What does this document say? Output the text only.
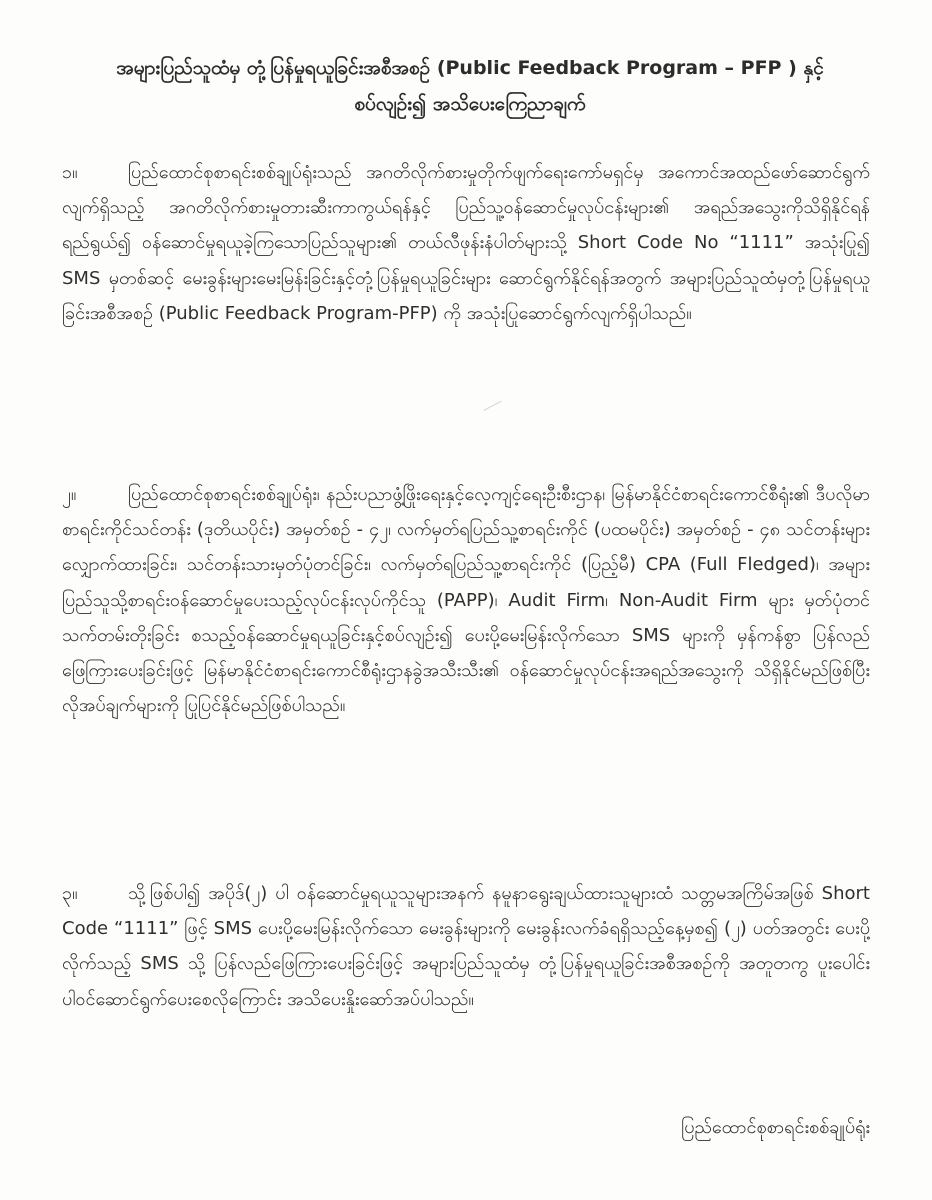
အများပြည်သူထံမှ တုံ့ပြန်မှုရယူခြင်းအစီအစဉ် (Public Feedback Program – PFP ) နှင့်
စပ်လျဉ်း၍ အသိပေးကြေညာချက်
၁။	ပြည်ထောင်စုစာရင်းစစ်ချုပ်ရုံးသည် အဂတိလိုက်စားမှုတိုက်ဖျက်ရေးကော်မရှင်မှ အကောင်အထည်ဖော်ဆောင်ရွက်လျက်ရှိသည့် အဂတိလိုက်စားမှုတားဆီးကာကွယ်ရန်နှင့် ပြည်သူ့ဝန်ဆောင်မှုလုပ်ငန်းများ၏ အရည်အသွေးကိုသိရှိနိုင်ရန် ရည်ရွယ်၍ ဝန်ဆောင်မှုရယူခဲ့ကြသောပြည်သူများ၏ တယ်လီဖုန်းနံပါတ်များသို့ Short Code No “1111” အသုံးပြု၍ SMS မှတစ်ဆင့် မေးခွန်းများမေးမြန်းခြင်းနှင့်တုံ့ပြန်မှုရယူခြင်းများ ဆောင်ရွက်နိုင်ရန်အတွက် အများပြည်သူထံမှတုံ့ပြန်မှုရယူခြင်းအစီအစဉ် (Public Feedback Program-PFP) ကို အသုံးပြုဆောင်ရွက်လျက်ရှိပါသည်။
၂။	ပြည်ထောင်စုစာရင်းစစ်ချုပ်ရုံး၊ နည်းပညာဖွံ့ဖြိုးရေးနှင့်လေ့ကျင့်ရေးဦးစီးဌာန၊ မြန်မာနိုင်ငံစာရင်းကောင်စီရုံး၏ ဒီပလိုမာစာရင်းကိုင်သင်တန်း (ဒုတိယပိုင်း) အမှတ်စဉ် - ၄၂၊ လက်မှတ်ရပြည်သူ့စာရင်းကိုင် (ပထမပိုင်း) အမှတ်စဉ် - ၄၈ သင်တန်းများလျှောက်ထားခြင်း၊ သင်တန်းသားမှတ်ပုံတင်ခြင်း၊ လက်မှတ်ရပြည်သူ့စာရင်းကိုင် (ပြည့်မီ) CPA (Full Fledged)၊ အများပြည်သူသို့စာရင်းဝန်ဆောင်မှုပေးသည့်လုပ်ငန်းလုပ်ကိုင်သူ (PAPP)၊ Audit Firm၊ Non-Audit Firm များ မှတ်ပုံတင်သက်တမ်းတိုးခြင်း စသည့်ဝန်ဆောင်မှုရယူခြင်းနှင့်စပ်လျဉ်း၍ ပေးပို့မေးမြန်းလိုက်သော SMS များကို မှန်ကန်စွာ ပြန်လည်ဖြေကြားပေးခြင်းဖြင့် မြန်မာနိုင်ငံစာရင်းကောင်စီရုံးဌာနခွဲအသီးသီး၏ ဝန်ဆောင်မှုလုပ်ငန်းအရည်အသွေးကို သိရှိနိုင်မည်ဖြစ်ပြီး လိုအပ်ချက်များကို ပြုပြင်နိုင်မည်ဖြစ်ပါသည်။
၃။	သို့ဖြစ်ပါ၍ အပိုဒ်(၂) ပါ ဝန်ဆောင်မှုရယူသူများအနက် နမူနာရွေးချယ်ထားသူများထံ သတ္တမအကြိမ်အဖြစ် Short Code “1111” ဖြင့် SMS ပေးပို့မေးမြန်းလိုက်သော မေးခွန်းများကို မေးခွန်းလက်ခံရရှိသည့်နေ့မှစ၍ (၂) ပတ်အတွင်း ပေးပို့လိုက်သည့် SMS သို့ ပြန်လည်ဖြေကြားပေးခြင်းဖြင့် အများပြည်သူထံမှ တုံ့ပြန်မှုရယူခြင်းအစီအစဉ်ကို အတူတကွ ပူးပေါင်းပါဝင်ဆောင်ရွက်ပေးစေလိုကြောင်း အသိပေးနှိုးဆော်အပ်ပါသည်။
ပြည်ထောင်စုစာရင်းစစ်ချုပ်ရုံး
